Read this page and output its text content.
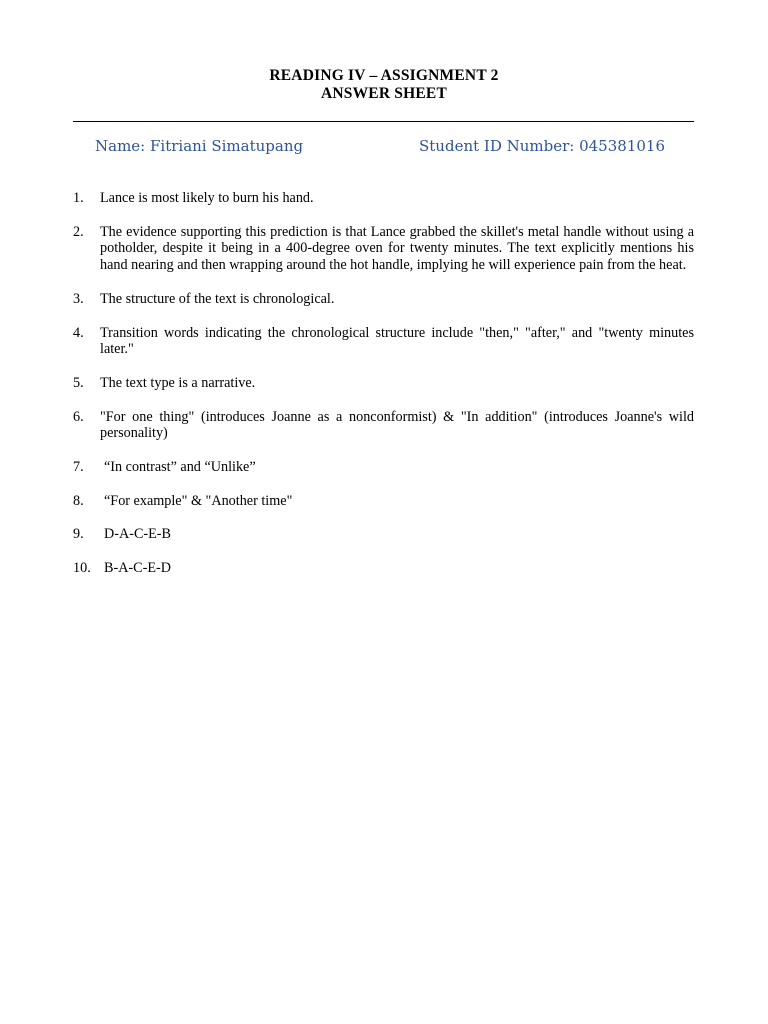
READING IV – ASSIGNMENT 2
ANSWER SHEET
Name: Fitriani Simatupang	Student ID Number: 045381016
1. Lance is most likely to burn his hand.
2. The evidence supporting this prediction is that Lance grabbed the skillet's metal handle without using a potholder, despite it being in a 400-degree oven for twenty minutes. The text explicitly mentions his hand nearing and then wrapping around the hot handle, implying he will experience pain from the heat.
3. The structure of the text is chronological.
4. Transition words indicating the chronological structure include "then," "after," and "twenty minutes later."
5. The text type is a narrative.
6. "For one thing" (introduces Joanne as a nonconformist) & "In addition" (introduces Joanne's wild personality)
7. “In contrast” and “Unlike”
8. “For example" & "Another time"
9. D-A-C-E-B
10. B-A-C-E-D
